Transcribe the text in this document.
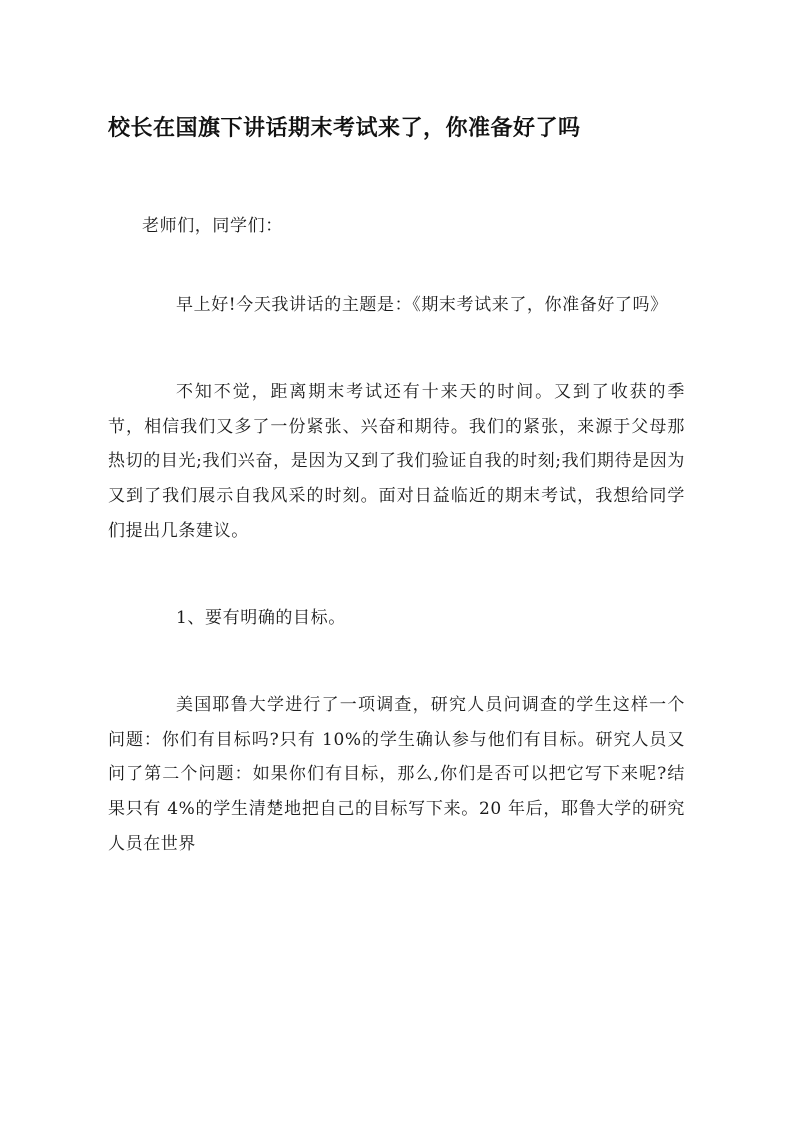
校长在国旗下讲话期末考试来了，你准备好了吗

老师们，同学们：

早上好!今天我讲话的主题是：《期末考试来了，你准备好了吗》

不知不觉，距离期末考试还有十来天的时间。又到了收获的季节，相信我们又多了一份紧张、兴奋和期待。我们的紧张，来源于父母那热切的目光;我们兴奋，是因为又到了我们验证自我的时刻;我们期待是因为又到了我们展示自我风采的时刻。面对日益临近的期末考试，我想给同学们提出几条建议。

1、要有明确的目标。

美国耶鲁大学进行了一项调查，研究人员问调查的学生这样一个问题：你们有目标吗?只有 10%的学生确认参与他们有目标。研究人员又问了第二个问题：如果你们有目标，那么,你们是否可以把它写下来呢?结果只有 4%的学生清楚地把自己的目标写下来。20 年后，耶鲁大学的研究人员在世界
